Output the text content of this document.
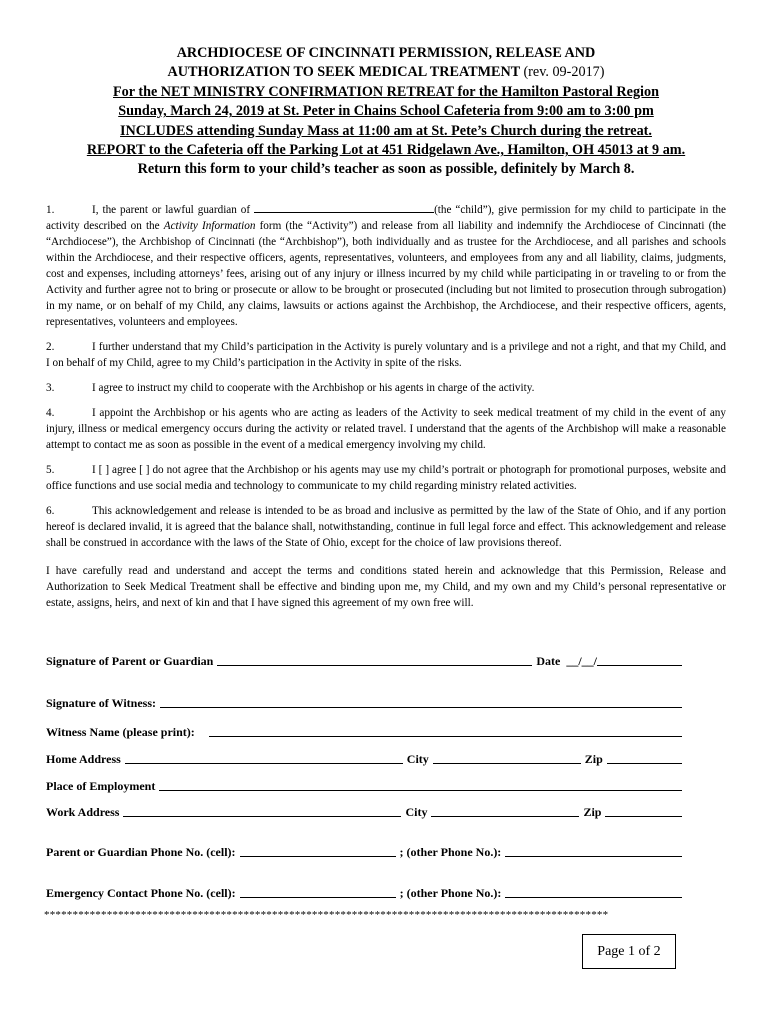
ARCHDIOCESE OF CINCINNATI PERMISSION, RELEASE AND
AUTHORIZATION TO SEEK MEDICAL TREATMENT (rev. 09-2017)
For the NET MINISTRY CONFIRMATION RETREAT for the Hamilton Pastoral Region
Sunday, March 24, 2019 at St. Peter in Chains School Cafeteria from 9:00 am to 3:00 pm
INCLUDES attending Sunday Mass at 11:00 am at St. Pete’s Church during the retreat.
REPORT to the Cafeteria off the Parking Lot at 451 Ridgelawn Ave., Hamilton, OH 45013 at 9 am.
Return this form to your child’s teacher as soon as possible, definitely by March 8.

1.	I, the parent or lawful guardian of	(the “child”), give permission for my child to participate in the activity described on the Activity Information form (the “Activity”) and release from all liability and indemnify the Archdiocese of Cincinnati (the “Archdiocese”), the Archbishop of Cincinnati (the “Archbishop”), both individually and as trustee for the Archdiocese, and all parishes and schools within the Archdiocese, and their respective officers, agents, representatives, volunteers, and employees from any and all liability, claims, judgments, cost and expenses, including attorneys’ fees, arising out of any injury or illness incurred by my child while participating in or traveling to or from the Activity and further agree not to bring or prosecute or allow to be brought or prosecuted (including but not limited to prosecution through subrogation) in my name, or on behalf of my Child, any claims, lawsuits or actions against the Archbishop, the Archdiocese, and their respective officers, agents, representatives, volunteers and employees.

2.	I further understand that my Child’s participation in the Activity is purely voluntary and is a privilege and not a right, and that my Child, and I on behalf of my Child, agree to my Child’s participation in the Activity in spite of the risks.

3.	I agree to instruct my child to cooperate with the Archbishop or his agents in charge of the activity.

4.	I appoint the Archbishop or his agents who are acting as leaders of the Activity to seek medical treatment of my child in the event of any injury, illness or medical emergency occurs during the activity or related travel. I understand that the agents of the Archbishop will make a reasonable attempt to contact me as soon as possible in the event of a medical emergency involving my child.

5.	I [ ] agree [ ] do not agree that the Archbishop or his agents may use my child’s portrait or photograph for promotional purposes, website and office functions and use social media and technology to communicate to my child regarding ministry related activities.

6.	This acknowledgement and release is intended to be as broad and inclusive as permitted by the law of the State of Ohio, and if any portion hereof is declared invalid, it is agreed that the balance shall, notwithstanding, continue in full legal force and effect. This acknowledgement and release shall be construed in accordance with the laws of the State of Ohio, except for the choice of law provisions thereof.

I have carefully read and understand and accept the terms and conditions stated herein and acknowledge that this Permission, Release and Authorization to Seek Medical Treatment shall be effective and binding upon me, my Child, and my own and my Child’s personal representative or estate, assigns, heirs, and next of kin and that I have signed this agreement of my own free will.

Signature of Parent or Guardian	Date __/__/
Signature of Witness:
Witness Name (please print):
Home Address	City	Zip
Place of Employment
Work Address	City	Zip
Parent or Guardian Phone No. (cell):	; (other Phone No.):
Emergency Contact Phone No. (cell):	; (other Phone No.):
***************************************************************************************************
Page 1 of 2
